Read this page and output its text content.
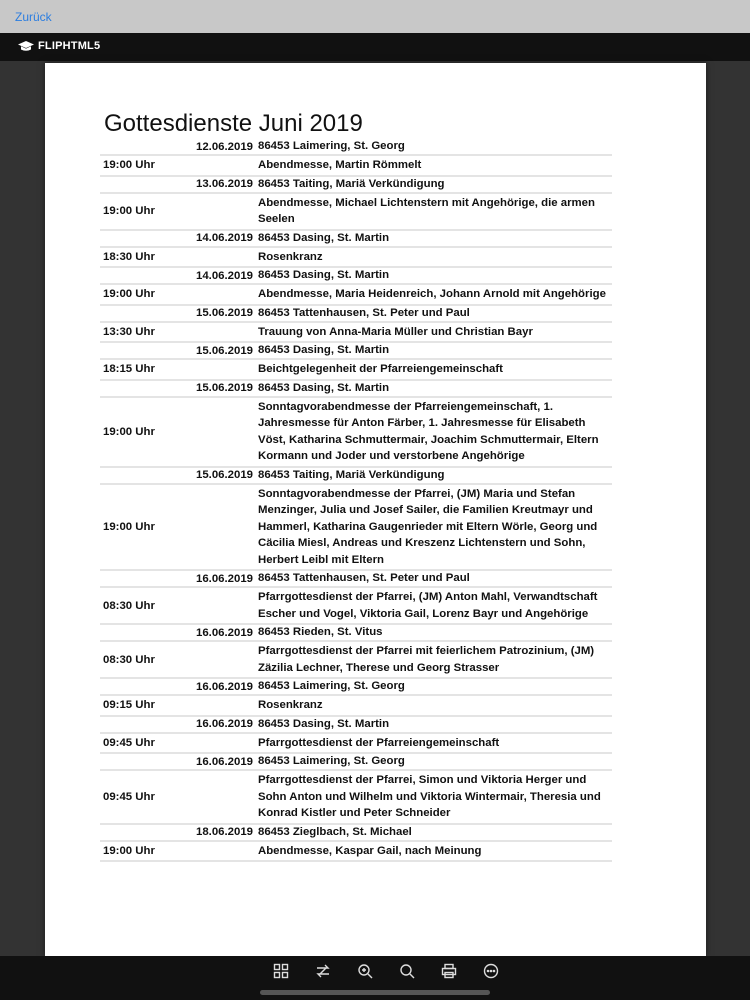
Zurück
FLIPHTML5
Gottesdienste Juni 2019
12.06.2019 86453 Laimering, St. Georg
19:00 Uhr	Abendmesse, Martin Römmelt
13.06.2019 86453 Taiting, Mariä Verkündigung
19:00 Uhr
Abendmesse, Michael Lichtenstern mit Angehörige, die armen Seelen
14.06.2019 86453 Dasing, St. Martin
18:30 Uhr	Rosenkranz
14.06.2019 86453 Dasing, St. Martin
19:00 Uhr	Abendmesse, Maria Heidenreich, Johann Arnold mit Angehörige
15.06.2019 86453 Tattenhausen, St. Peter und Paul
13:30 Uhr	Trauung von Anna-Maria Müller und Christian Bayr
15.06.2019 86453 Dasing, St. Martin
18:15 Uhr	Beichtgelegenheit der Pfarreiengemeinschaft
15.06.2019 86453 Dasing, St. Martin
19:00 Uhr
Sonntagvorabendmesse der Pfarreiengemeinschaft, 1. Jahresmesse für Anton Färber, 1. Jahresmesse für Elisabeth Vöst, Katharina Schmuttermair, Joachim Schmuttermair, Eltern Kormann und Joder und verstorbene Angehörige
15.06.2019 86453 Taiting, Mariä Verkündigung
19:00 Uhr
Sonntagvorabendmesse der Pfarrei, (JM) Maria und Stefan Menzinger, Julia und Josef Sailer, die Familien Kreutmayr und Hammerl, Katharina Gaugenrieder mit Eltern Wörle, Georg und Cäcilia Miesl, Andreas und Kreszenz Lichtenstern und Sohn, Herbert Leibl mit Eltern
16.06.2019 86453 Tattenhausen, St. Peter und Paul
08:30 Uhr
Pfarrgottesdienst der Pfarrei, (JM) Anton Mahl, Verwandtschaft Escher und Vogel, Viktoria Gail, Lorenz Bayr und Angehörige
16.06.2019 86453 Rieden, St. Vitus
08:30 Uhr
Pfarrgottesdienst der Pfarrei mit feierlichem Patrozinium, (JM) Zäzilia Lechner, Therese und Georg Strasser
16.06.2019 86453 Laimering, St. Georg
09:15 Uhr	Rosenkranz
16.06.2019 86453 Dasing, St. Martin
09:45 Uhr	Pfarrgottesdienst der Pfarreiengemeinschaft
16.06.2019 86453 Laimering, St. Georg
09:45 Uhr
Pfarrgottesdienst der Pfarrei, Simon und Viktoria Herger und Sohn Anton und Wilhelm und Viktoria Wintermair, Theresia und Konrad Kistler und Peter Schneider
18.06.2019 86453 Zieglbach, St. Michael
19:00 Uhr	Abendmesse, Kaspar Gail, nach Meinung
